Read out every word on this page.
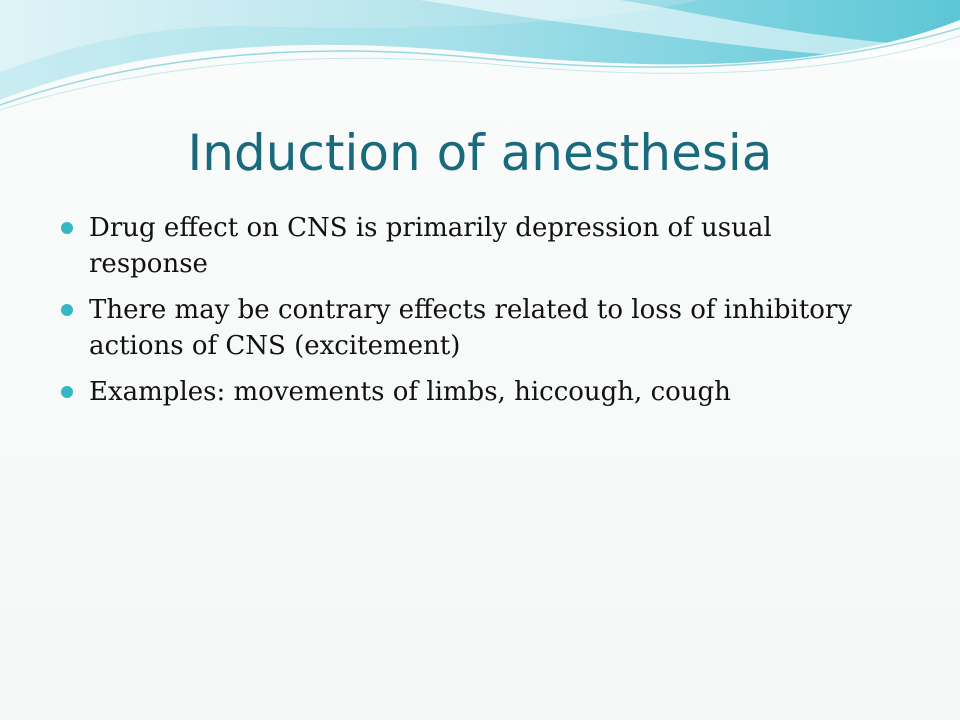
Induction of anesthesia
Drug effect on CNS is primarily depression of usual response
There may be contrary effects related to loss of inhibitory actions of CNS (excitement)
Examples: movements of limbs, hiccough, cough
